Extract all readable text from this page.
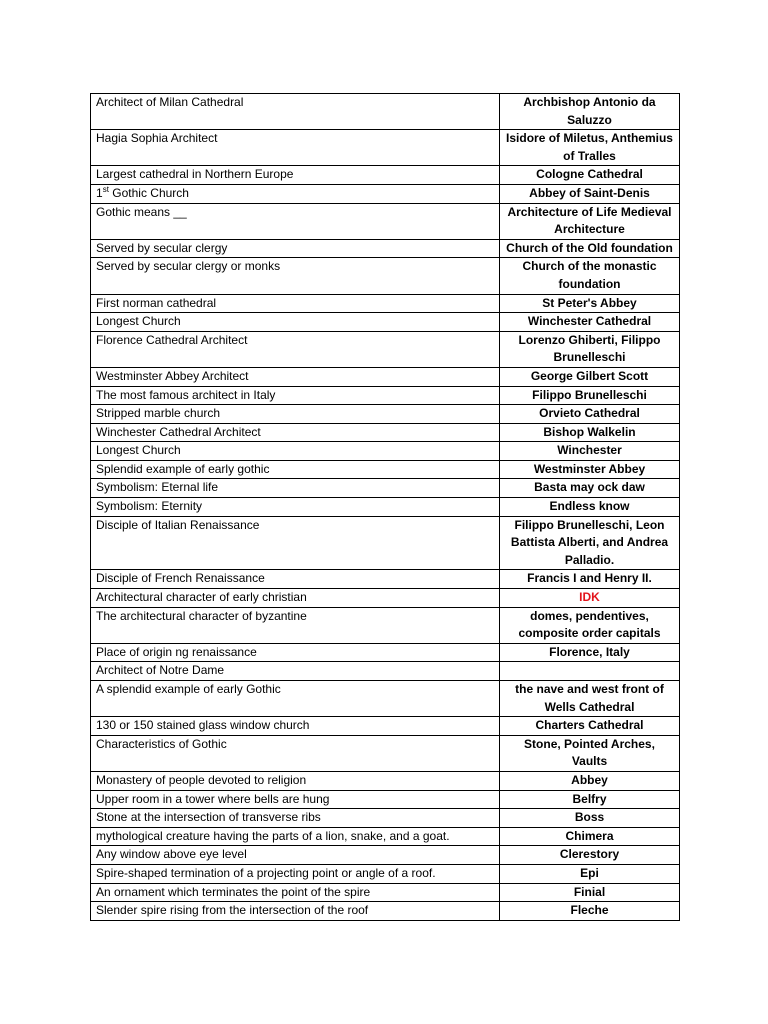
Architect of Milan Cathedral	Archbishop Antonio da Saluzzo
Hagia Sophia Architect	Isidore of Miletus, Anthemius of Tralles
Largest cathedral in Northern Europe	Cologne Cathedral
1st Gothic Church	Abbey of Saint-Denis
Gothic means __	Architecture of Life Medieval Architecture
Served by secular clergy	Church of the Old foundation
Served by secular clergy or monks	Church of the monastic foundation
First norman cathedral	St Peter's Abbey
Longest Church	Winchester Cathedral
Florence Cathedral Architect	Lorenzo Ghiberti, Filippo Brunelleschi
Westminster Abbey Architect	George Gilbert Scott
The most famous architect in Italy	Filippo Brunelleschi
Stripped marble church	Orvieto Cathedral
Winchester Cathedral Architect	Bishop Walkelin
Longest Church	Winchester
Splendid example of early gothic	Westminster Abbey
Symbolism: Eternal life	Basta may ock daw
Symbolism: Eternity	Endless know
Disciple of Italian Renaissance	Filippo Brunelleschi, Leon Battista Alberti, and Andrea Palladio.
Disciple of French Renaissance	Francis I and Henry II.
Architectural character of early christian	IDK
The architectural character of byzantine	domes, pendentives, composite order capitals
Place of origin ng renaissance	Florence, Italy
Architect of Notre Dame	
A splendid example of early Gothic	the nave and west front of Wells Cathedral
130 or 150 stained glass window church	Charters Cathedral
Characteristics of Gothic	Stone, Pointed Arches, Vaults
Monastery of people devoted to religion	Abbey
Upper room in a tower where bells are hung	Belfry
Stone at the intersection of transverse ribs	Boss
mythological creature having the parts of a lion, snake, and a goat.	Chimera
Any window above eye level	Clerestory
Spire-shaped termination of a projecting point or angle of a roof.	Epi
An ornament which terminates the point of the spire	Finial
Slender spire rising from the intersection of the roof	Fleche
